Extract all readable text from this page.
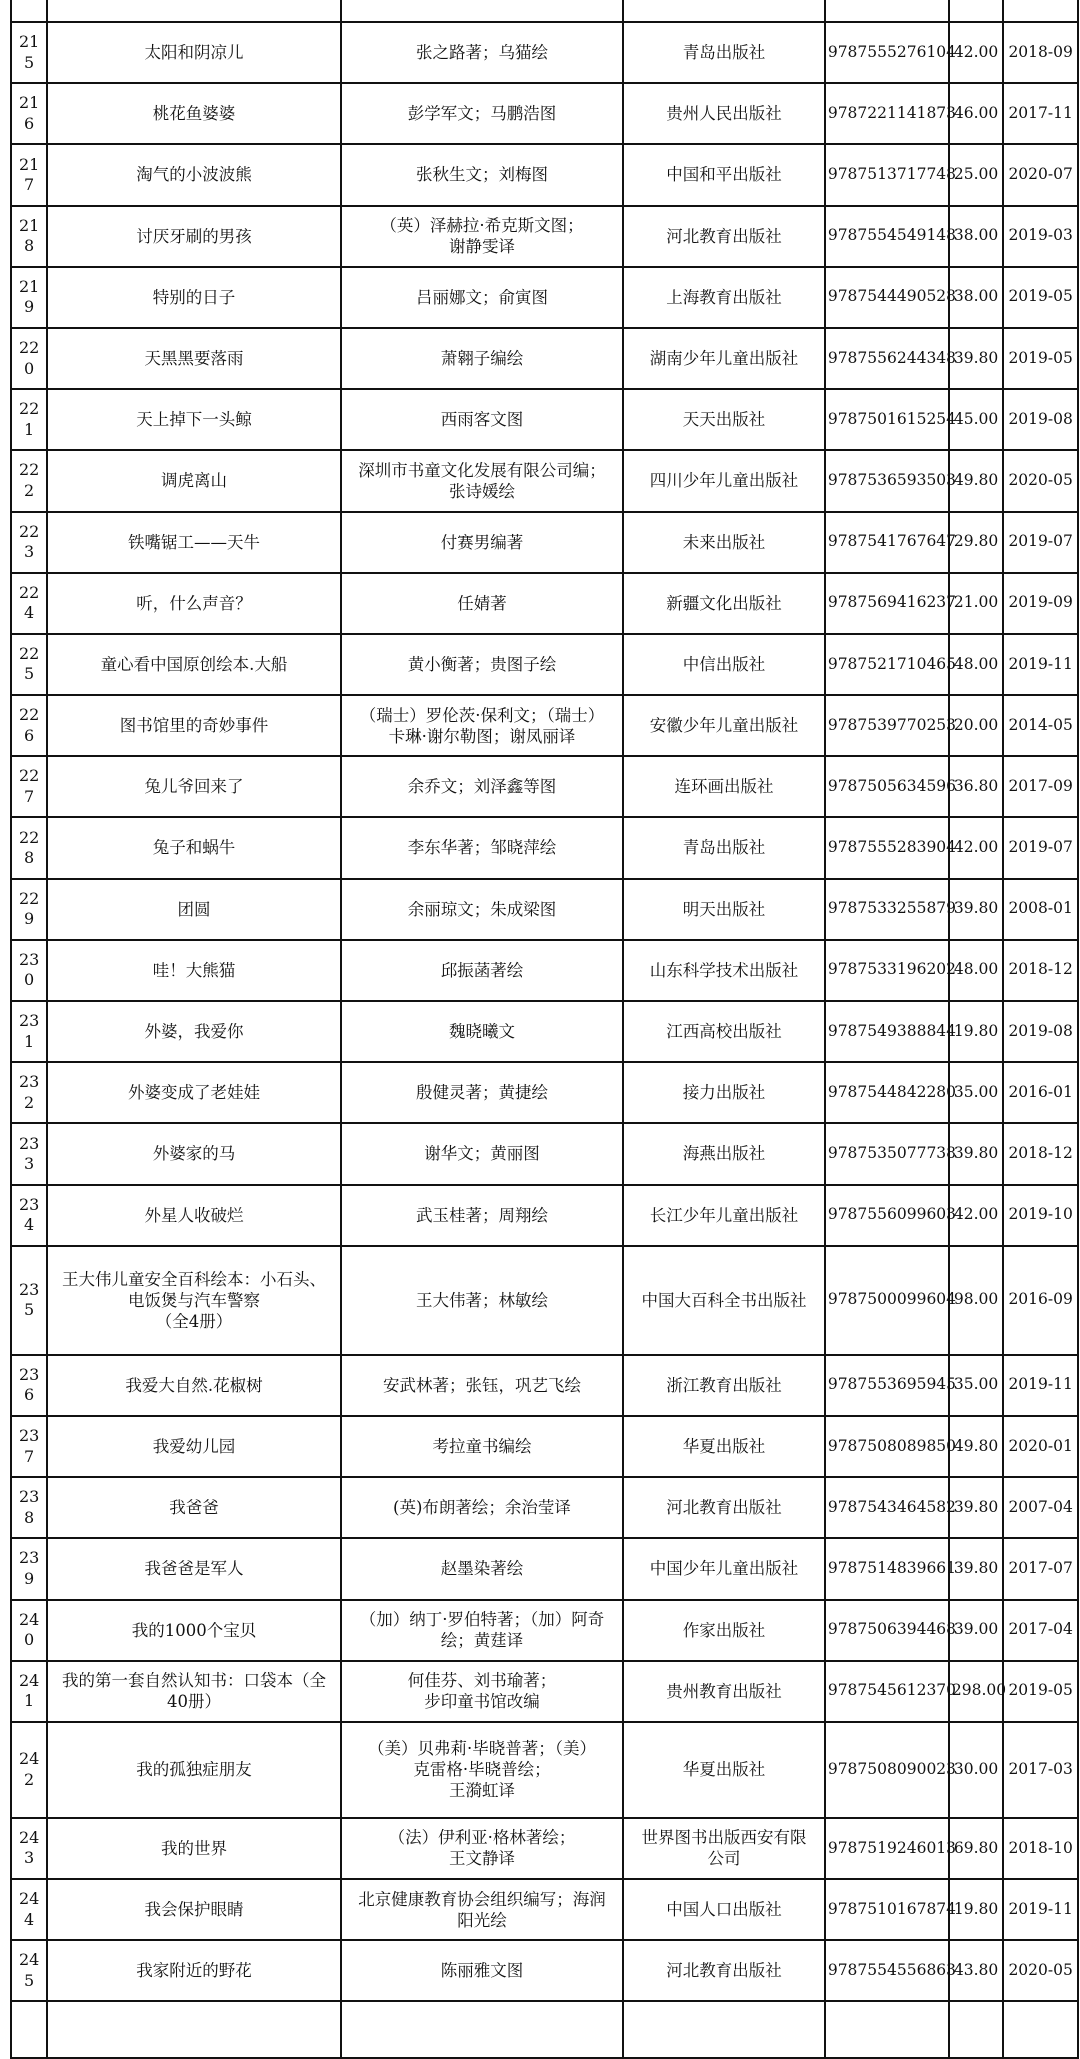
215	太阳和阴凉儿	张之路著；乌猫绘	青岛出版社	9787555276104	42.00	2018-09
216	桃花鱼婆婆	彭学军文；马鹏浩图	贵州人民出版社	9787221141873	46.00	2017-11
217	淘气的小波波熊	张秋生文；刘梅图	中国和平出版社	9787513717748	25.00	2020-07
218	讨厌牙刷的男孩	（英）泽赫拉·希克斯文图；
谢静雯译	河北教育出版社	9787554549148	38.00	2019-03
219	特别的日子	吕丽娜文；俞寅图	上海教育出版社	9787544490528	38.00	2019-05
220	天黑黑要落雨	萧翱子编绘	湖南少年儿童出版社	9787556244348	39.80	2019-05
221	天上掉下一头鲸	西雨客文图	天天出版社	9787501615254	45.00	2019-08
222	调虎离山	深圳市书童文化发展有限公司编；
张诗媛绘	四川少年儿童出版社	9787536593503	49.80	2020-05
223	铁嘴锯工——天牛	付赛男编著	未来出版社	9787541767647	29.80	2019-07
224	听，什么声音？	任婧著	新疆文化出版社	9787569416237	21.00	2019-09
225	童心看中国原创绘本.大船	黄小衡著；贵图子绘	中信出版社	9787521710465	48.00	2019-11
226	图书馆里的奇妙事件	（瑞士）罗伦茨·保利文；（瑞士）
卡琳·谢尔勒图；谢凤丽译	安徽少年儿童出版社	9787539770253	20.00	2014-05
227	兔儿爷回来了	余乔文；刘泽鑫等图	连环画出版社	9787505634596	36.80	2017-09
228	兔子和蜗牛	李东华著；邹晓萍绘	青岛出版社	9787555283904	42.00	2019-07
229	团圆	余丽琼文；朱成梁图	明天出版社	9787533255879	39.80	2008-01
230	哇！大熊猫	邱振菡著绘	山东科学技术出版社	9787533196202	48.00	2018-12
231	外婆，我爱你	魏晓曦文	江西高校出版社	9787549388844	19.80	2019-08
232	外婆变成了老娃娃	殷健灵著；黄捷绘	接力出版社	9787544842280	35.00	2016-01
233	外婆家的马	谢华文；黄丽图	海燕出版社	9787535077738	39.80	2018-12
234	外星人收破烂	武玉桂著；周翔绘	长江少年儿童出版社	9787556099603	42.00	2019-10
235	王大伟儿童安全百科绘本：小石头、
电饭煲与汽车警察
（全4册）	王大伟著；林敏绘	中国大百科全书出版社	9787500099604	98.00	2016-09
236	我爱大自然.花椒树	安武林著；张钰，巩艺飞绘	浙江教育出版社	9787553695945	35.00	2019-11
237	我爱幼儿园	考拉童书编绘	华夏出版社	9787508089850	49.80	2020-01
238	我爸爸	(英)布朗著绘；余治莹译	河北教育出版社	9787543464582	39.80	2007-04
239	我爸爸是军人	赵墨染著绘	中国少年儿童出版社	9787514839661	39.80	2017-07
240	我的1000个宝贝	（加）纳丁·罗伯特著；（加）阿奇
绘；黄莛译	作家出版社	9787506394468	39.00	2017-04
241	我的第一套自然认知书：口袋本（全
40册）	何佳芬、刘书瑜著；
步印童书馆改编	贵州教育出版社	9787545612370	298.00	2019-05
242	我的孤独症朋友	（美）贝弗莉·毕晓普著；（美）
克雷格·毕晓普绘；
王漪虹译	华夏出版社	9787508090023	30.00	2017-03
243	我的世界	（法）伊利亚·格林著绘；
王文静译	世界图书出版西安有限
公司	9787519246013	69.80	2018-10
244	我会保护眼睛	北京健康教育协会组织编写；海润
阳光绘	中国人口出版社	9787510167874	19.80	2019-11
245	我家附近的野花	陈丽雅文图	河北教育出版社	9787554556863	43.80	2020-05
